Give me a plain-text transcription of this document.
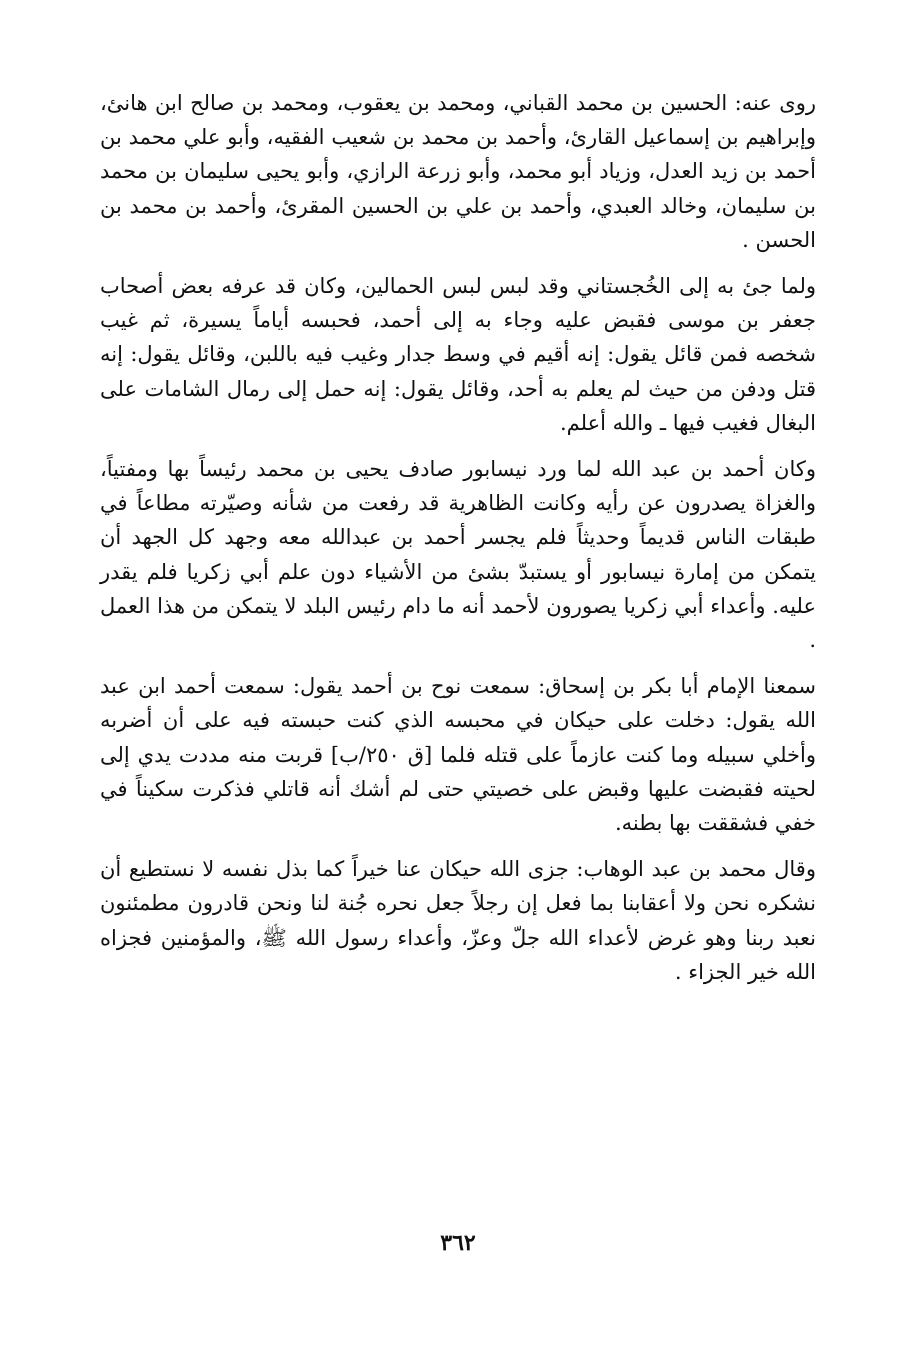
روى عنه: الحسين بن محمد القباني، ومحمد بن يعقوب، ومحمد بن صالح ابن هانئ، وإبراهيم بن إسماعيل القارئ، وأحمد بن محمد بن شعيب الفقيه، وأبو علي محمد بن أحمد بن زيد العدل، وزياد أبو محمد، وأبو زرعة الرازي، وأبو يحيى سليمان بن محمد بن سليمان، وخالد العبدي، وأحمد بن علي بن الحسين المقرئ، وأحمد بن محمد بن الحسن .

ولما جئ به إلى الخُجستاني وقد لبس لبس الحمالين، وكان قد عرفه بعض أصحاب جعفر بن موسى فقبض عليه وجاء به إلى أحمد، فحبسه أياماً يسيرة، ثم غيب شخصه فمن قائل يقول: إنه أقيم في وسط جدار وغيب فيه باللبن، وقائل يقول: إنه قتل ودفن من حيث لم يعلم به أحد، وقائل يقول: إنه حمل إلى رمال الشامات على البغال فغيب فيها ـ والله أعلم.

وكان أحمد بن عبد الله لما ورد نيسابور صادف يحيى بن محمد رئيساً بها ومفتياً، والغزاة يصدرون عن رأيه وكانت الظاهرية قد رفعت من شأنه وصيّرته مطاعاً في طبقات الناس قديماً وحديثاً فلم يجسر أحمد بن عبدالله معه وجهد كل الجهد أن يتمكن من إمارة نيسابور أو يستبدّ بشئ من الأشياء دون علم أبي زكريا فلم يقدر عليه. وأعداء أبي زكريا يصورون لأحمد أنه ما دام رئيس البلد لا يتمكن من هذا العمل .

سمعنا الإمام أبا بكر بن إسحاق: سمعت نوح بن أحمد يقول: سمعت أحمد ابن عبد الله يقول: دخلت على حيكان في محبسه الذي كنت حبسته فيه على أن أضربه وأخلي سبيله وما كنت عازماً على قتله فلما [ق ٢٥٠/ب] قربت منه مددت يدي إلى لحيته فقبضت عليها وقبض على خصيتي حتى لم أشك أنه قاتلي فذكرت سكيناً في خفي فشققت بها بطنه.

وقال محمد بن عبد الوهاب: جزى الله حيكان عنا خيراً كما بذل نفسه لا نستطيع أن نشكره نحن ولا أعقابنا بما فعل إن رجلاً جعل نحره جُنة لنا ونحن قادرون مطمئنون نعبد ربنا وهو غرض لأعداء الله جلّ وعزّ، وأعداء رسول الله ﷺ، والمؤمنين فجزاه الله خير الجزاء .

٣٦٢
